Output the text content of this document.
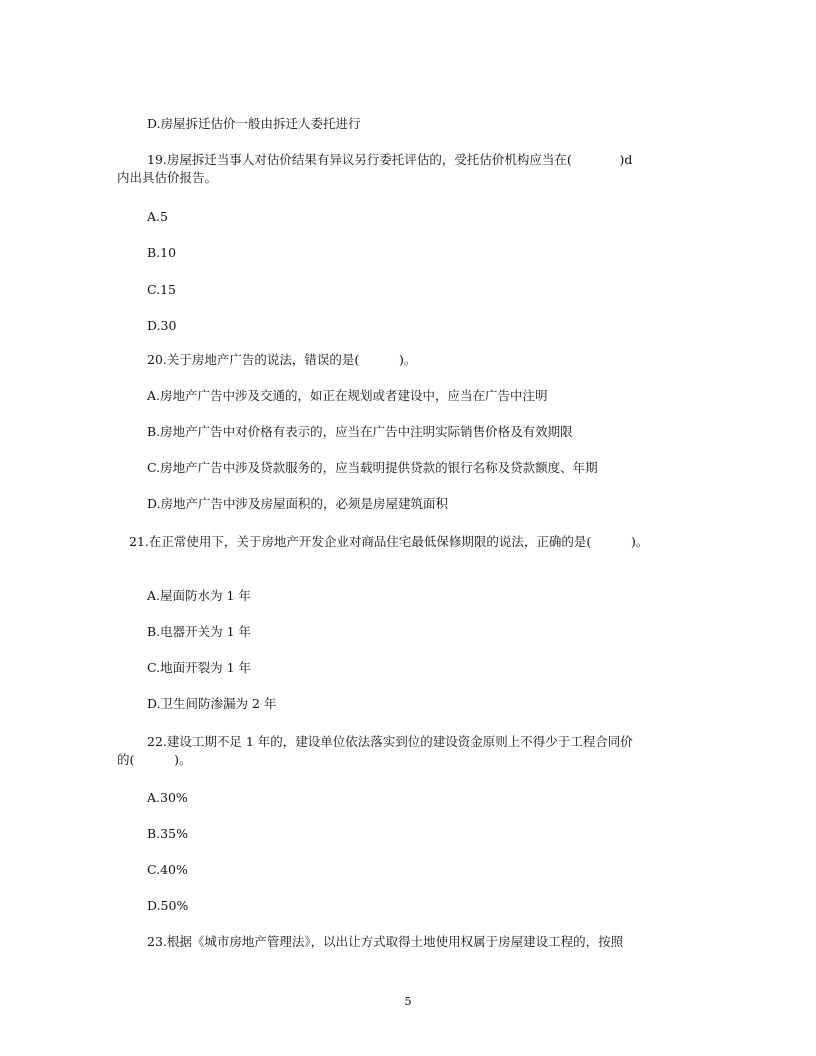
D.房屋拆迁估价一般由拆迁人委托进行
19.房屋拆迁当事人对估价结果有异议另行委托评估的，受托估价机构应当在(            )d
内出具估价报告。
A.5
B.10
C.15
D.30
20.关于房地产广告的说法，错误的是(          )。
A.房地产广告中涉及交通的，如正在规划或者建设中，应当在广告中注明
B.房地产广告中对价格有表示的，应当在广告中注明实际销售价格及有效期限
C.房地产广告中涉及贷款服务的，应当载明提供贷款的银行名称及贷款额度、年期
D.房地产广告中涉及房屋面积的，必须是房屋建筑面积
21.在正常使用下，关于房地产开发企业对商品住宅最低保修期限的说法，正确的是(          )。
A.屋面防水为 1 年
B.电器开关为 1 年
C.地面开裂为 1 年
D.卫生间防渗漏为 2 年
22.建设工期不足 1 年的，建设单位依法落实到位的建设资金原则上不得少于工程合同价
的(          )。
A.30%
B.35%
C.40%
D.50%
23.根据《城市房地产管理法》，以出让方式取得土地使用权属于房屋建设工程的，按照
5
